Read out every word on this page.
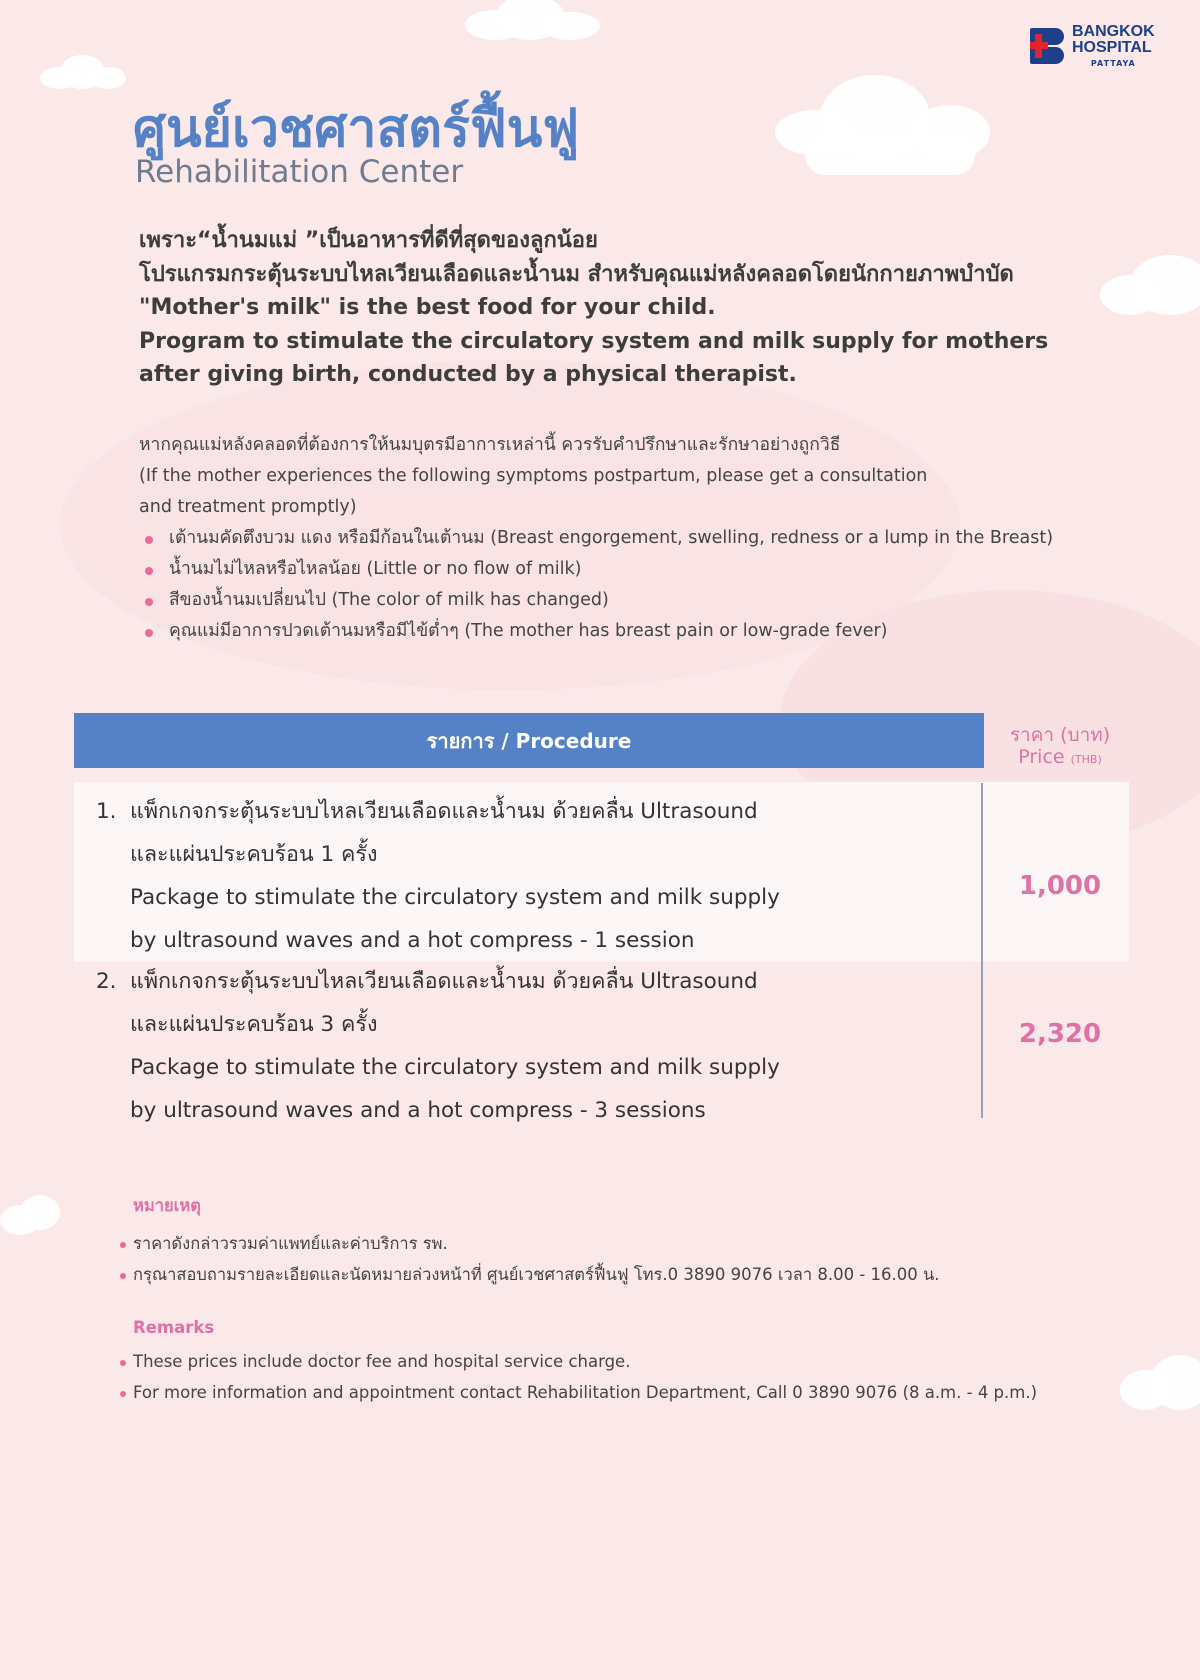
BANGKOK
HOSPITAL
PATTAYA
ศูนย์เวชศาสตร์ฟื้นฟู
Rehabilitation Center
เพราะ“น้ำนมแม่ ”เป็นอาหารที่ดีที่สุดของลูกน้อย
โปรแกรมกระตุ้นระบบไหลเวียนเลือดและน้ำนม สำหรับคุณแม่หลังคลอดโดยนักกายภาพบำบัด
"Mother's milk" is the best food for your child.
Program to stimulate the circulatory system and milk supply for mothers
after giving birth, conducted by a physical therapist.
หากคุณแม่หลังคลอดที่ต้องการให้นมบุตรมีอาการเหล่านี้ ควรรับคำปรึกษาและรักษาอย่างถูกวิธี
(If the mother experiences the following symptoms postpartum, please get a consultation
and treatment promptly)
เต้านมคัดตึงบวม แดง หรือมีก้อนในเต้านม (Breast engorgement, swelling, redness or a lump in the Breast)
น้ำนมไม่ไหลหรือไหลน้อย (Little or no flow of milk)
สีของน้ำนมเปลี่ยนไป (The color of milk has changed)
คุณแม่มีอาการปวดเต้านมหรือมีไข้ต่ำๆ (The mother has breast pain or low-grade fever)
รายการ / Procedure	ราคา (บาท)
Price (THB)
1. แพ็กเกจกระตุ้นระบบไหลเวียนเลือดและน้ำนม ด้วยคลื่น Ultrasound
และแผ่นประคบร้อน 1 ครั้ง
Package to stimulate the circulatory system and milk supply
by ultrasound waves and a hot compress - 1 session
1,000
2. แพ็กเกจกระตุ้นระบบไหลเวียนเลือดและน้ำนม ด้วยคลื่น Ultrasound
และแผ่นประคบร้อน 3 ครั้ง
Package to stimulate the circulatory system and milk supply
by ultrasound waves and a hot compress - 3 sessions
2,320
หมายเหตุ
ราคาดังกล่าวรวมค่าแพทย์และค่าบริการ รพ.
กรุณาสอบถามรายละเอียดและนัดหมายล่วงหน้าที่ ศูนย์เวชศาสตร์ฟื้นฟู โทร.0 3890 9076 เวลา 8.00 - 16.00 น.
Remarks
These prices include doctor fee and hospital service charge.
For more information and appointment contact Rehabilitation Department, Call 0 3890 9076 (8 a.m. - 4 p.m.)
